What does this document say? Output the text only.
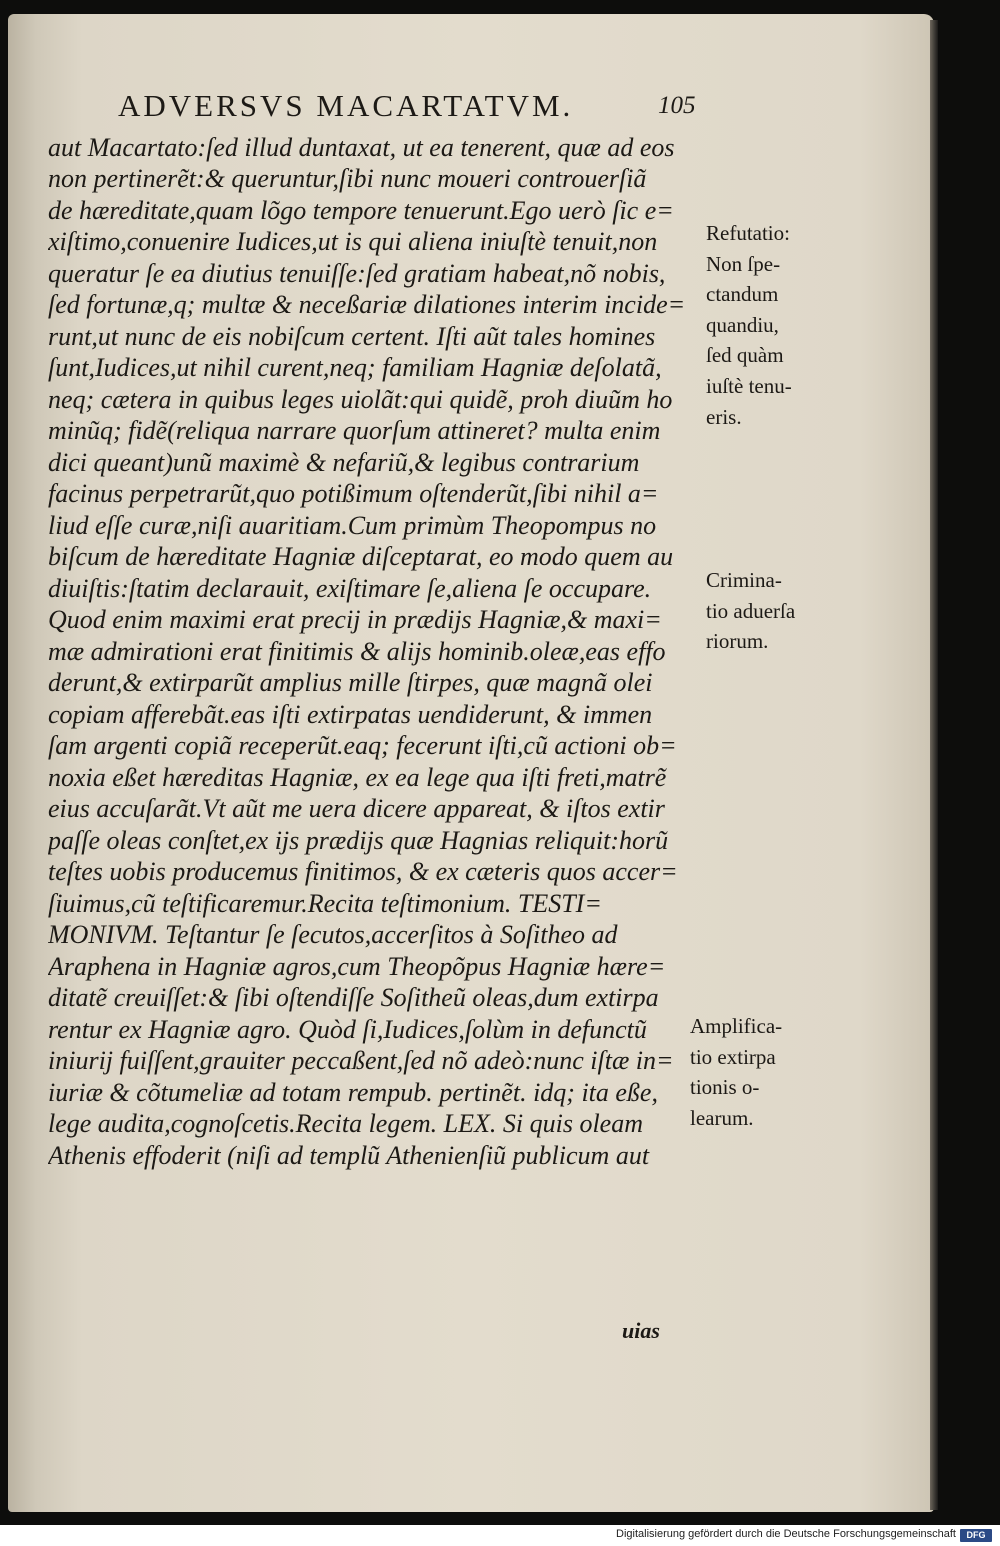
ADVERSVS MACARTATVM.	105
aut Macartato:ſed illud duntaxat, ut ea tenerent, quæ ad eos
non pertinerẽt:& queruntur,ſibi nunc moueri controuerſiã
de hæreditate,quam lõgo tempore tenuerunt.Ego uerò ſic e=
xiſtimo,conuenire Iudices,ut is qui aliena iniuſtè tenuit,non
queratur ſe ea diutius tenuiſſe:ſed gratiam habeat,nõ nobis,
ſed fortunæ,q; multæ & neceßariæ dilationes interim incide=
runt,ut nunc de eis nobiſcum certent. Iſti aũt tales homines
ſunt,Iudices,ut nihil curent,neq; familiam Hagniæ deſolatã,
neq; cætera in quibus leges uiolãt:qui quidẽ, proh diuũm ho
minũq; fidẽ(reliqua narrare quorſum attineret? multa enim
dici queant)unũ maximè & nefariũ,& legibus contrarium
facinus perpetrarũt,quo potißimum oſtenderũt,ſibi nihil a=
liud eſſe curæ,niſi auaritiam.Cum primùm Theopompus no
biſcum de hæreditate Hagniæ diſceptarat, eo modo quem au
diuiſtis:ſtatim declarauit, exiſtimare ſe,aliena ſe occupare.
Quod enim maximi erat precij in prædijs Hagniæ,& maxi=
mæ admirationi erat finitimis & alijs hominib.oleæ,eas effo
derunt,& extirparũt amplius mille ſtirpes, quæ magnã olei
copiam afferebãt.eas iſti extirpatas uendiderunt, & immen
ſam argenti copiã receperũt.eaq; fecerunt iſti,cũ actioni ob=
noxia eßet hæreditas Hagniæ, ex ea lege qua iſti freti,matrẽ
eius accuſarãt.Vt aũt me uera dicere appareat, & iſtos extir
paſſe oleas conſtet,ex ijs prædijs quæ Hagnias reliquit:horũ
teſtes uobis producemus finitimos, & ex cæteris quos accer=
ſiuimus,cũ teſtificaremur.Recita teſtimonium. TESTI=
MONIVM. Teſtantur ſe ſecutos,accerſitos à Soſitheo ad
Araphena in Hagniæ agros,cum Theopõpus Hagniæ hære=
ditatẽ creuiſſet:& ſibi oſtendiſſe Soſitheũ oleas,dum extirpa
rentur ex Hagniæ agro. Quòd ſi,Iudices,ſolùm in defunctũ
iniurij fuiſſent,grauiter peccaßent,ſed nõ adeò:nunc iſtæ in=
iuriæ & cõtumeliæ ad totam rempub. pertinẽt. idq; ita eße,
lege audita,cognoſcetis.Recita legem. LEX. Si quis oleam
Athenis effoderit (niſi ad templũ Athenienſiũ publicum aut
Refutatio:
Non ſpe-
ctandum
quandiu,
ſed quàm
iuſtè tenu-
eris.
Crimina-
tio aduerſa
riorum.
Amplifica-
tio extirpa
tionis o-
learum.
uias
Digitalisierung gefördert durch die Deutsche Forschungsgemeinschaft	DFG
